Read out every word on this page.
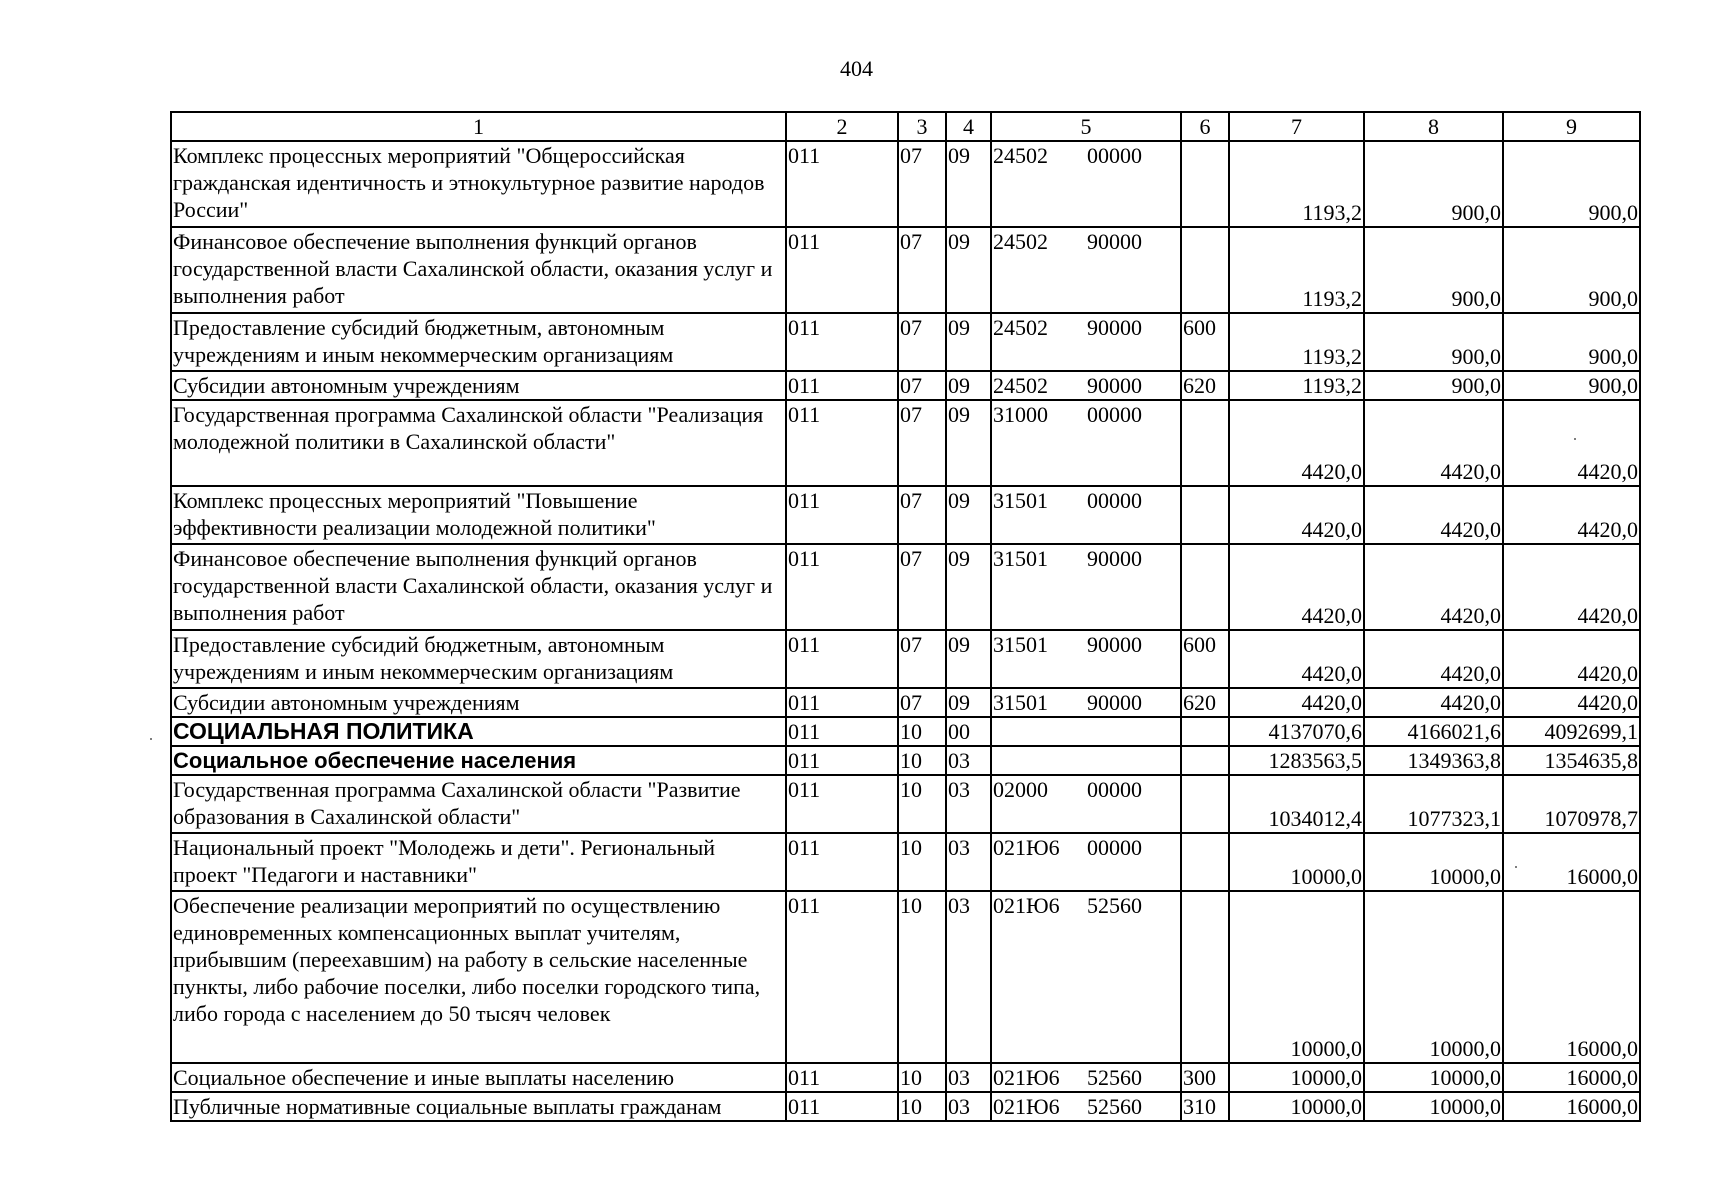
404
1	2	3	4	5	6	7	8	9
Комплекс процессных мероприятий "Общероссийская гражданская идентичность и этнокультурное развитие народов России"	011	07	09	24502 00000		1193,2	900,0	900,0
Финансовое обеспечение выполнения функций органов государственной власти Сахалинской области, оказания услуг и выполнения работ	011	07	09	24502 90000		1193,2	900,0	900,0
Предоставление субсидий бюджетным, автономным учреждениям и иным некоммерческим организациям	011	07	09	24502 90000	600	1193,2	900,0	900,0
Субсидии автономным учреждениям	011	07	09	24502 90000	620	1193,2	900,0	900,0
Государственная программа Сахалинской области "Реализация молодежной политики в Сахалинской области"	011	07	09	31000 00000		4420,0	4420,0	4420,0
Комплекс процессных мероприятий "Повышение эффективности реализации молодежной политики"	011	07	09	31501 00000		4420,0	4420,0	4420,0
Финансовое обеспечение выполнения функций органов государственной власти Сахалинской области, оказания услуг и выполнения работ	011	07	09	31501 90000		4420,0	4420,0	4420,0
Предоставление субсидий бюджетным, автономным учреждениям и иным некоммерческим организациям	011	07	09	31501 90000	600	4420,0	4420,0	4420,0
Субсидии автономным учреждениям	011	07	09	31501 90000	620	4420,0	4420,0	4420,0
СОЦИАЛЬНАЯ ПОЛИТИКА	011	10	00			4137070,6	4166021,6	4092699,1
Социальное обеспечение населения	011	10	03			1283563,5	1349363,8	1354635,8
Государственная программа Сахалинской области "Развитие образования в Сахалинской области"	011	10	03	02000 00000		1034012,4	1077323,1	1070978,7
Национальный проект "Молодежь и дети". Региональный проект "Педагоги и наставники"	011	10	03	021Ю6 00000		10000,0	10000,0	16000,0
Обеспечение реализации мероприятий по осуществлению единовременных компенсационных выплат учителям, прибывшим (переехавшим) на работу в сельские населенные пункты, либо рабочие поселки, либо поселки городского типа, либо города с населением до 50 тысяч человек	011	10	03	021Ю6 52560		10000,0	10000,0	16000,0
Социальное обеспечение и иные выплаты населению	011	10	03	021Ю6 52560	300	10000,0	10000,0	16000,0
Публичные нормативные социальные выплаты гражданам	011	10	03	021Ю6 52560	310	10000,0	10000,0	16000,0
